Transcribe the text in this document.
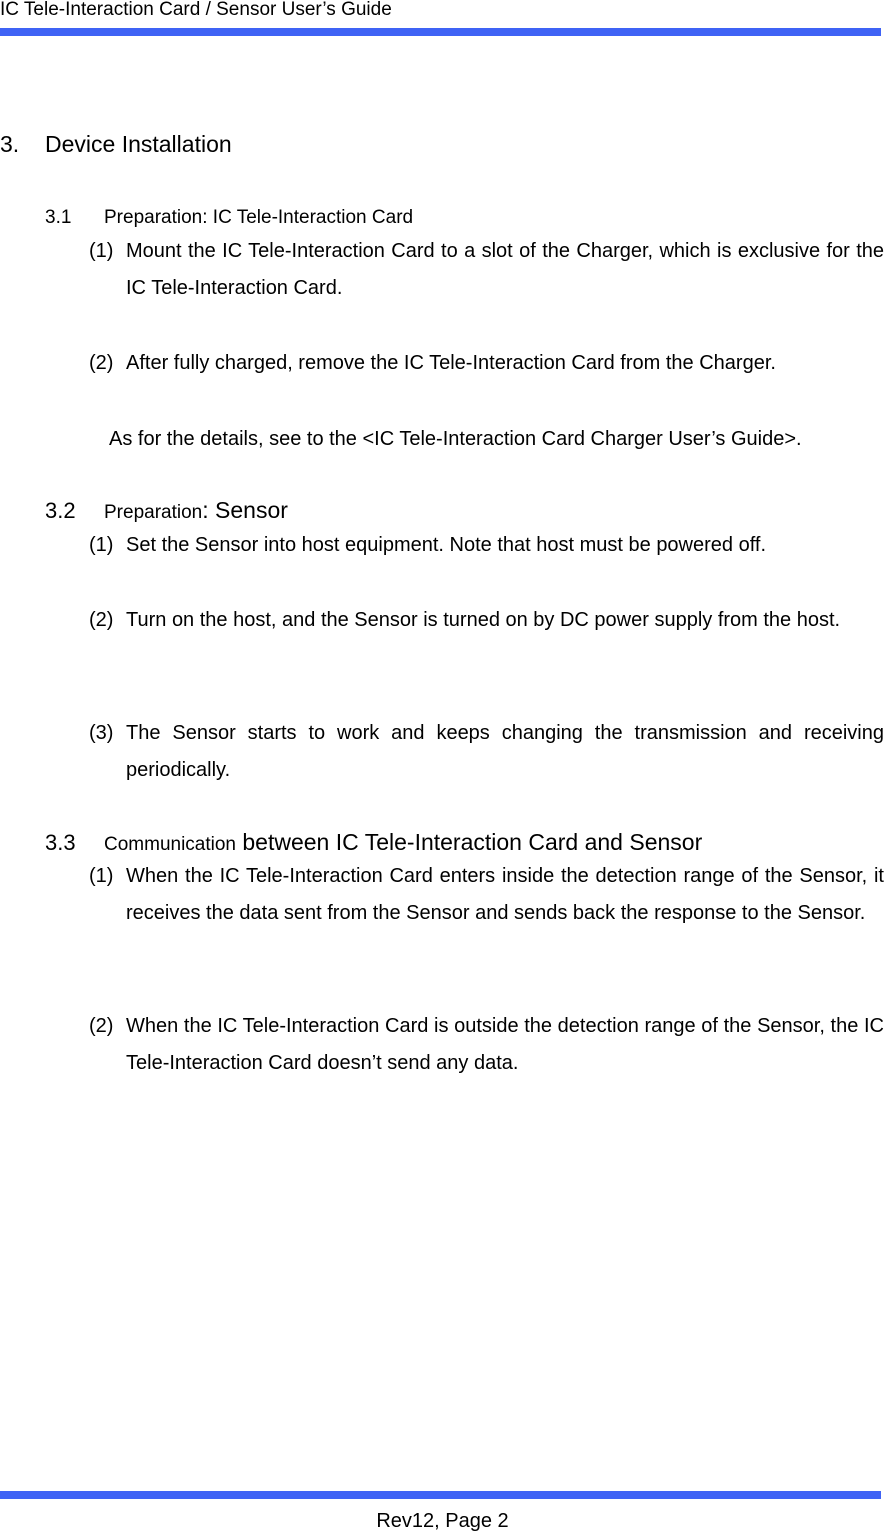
IC Tele-Interaction Card / Sensor User’s Guide
3. Device Installation
3.1 Preparation: IC Tele-Interaction Card
(1) Mount the IC Tele-Interaction Card to a slot of the Charger, which is exclusive for the IC Tele-Interaction Card.
(2) After fully charged, remove the IC Tele-Interaction Card from the Charger.
As for the details, see to the <IC Tele-Interaction Card Charger User’s Guide>.
3.2 Preparation: Sensor
(1) Set the Sensor into host equipment. Note that host must be powered off.
(2) Turn on the host, and the Sensor is turned on by DC power supply from the host.
(3) The Sensor starts to work and keeps changing the transmission and receiving periodically.
3.3 Communication between IC Tele-Interaction Card and Sensor
(1) When the IC Tele-Interaction Card enters inside the detection range of the Sensor, it receives the data sent from the Sensor and sends back the response to the Sensor.
(2) When the IC Tele-Interaction Card is outside the detection range of the Sensor, the IC Tele-Interaction Card doesn’t send any data.
Rev12, Page 2
